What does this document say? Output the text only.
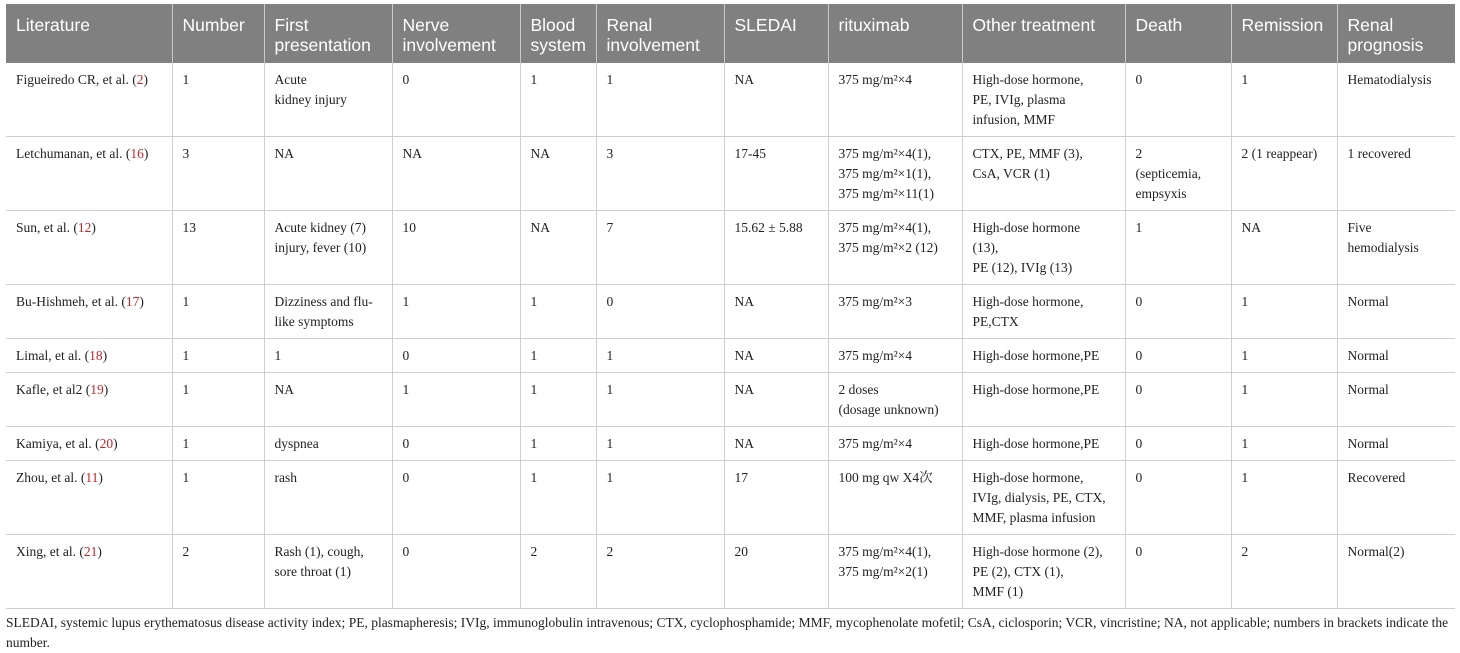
Literature	Number	First presentation	Nerve involvement	Blood system	Renal involvement	SLEDAI	rituximab	Other treatment	Death	Remission	Renal prognosis
Figueiredo CR, et al. (2)	1	Acute
kidney injury	0	1	1	NA	375 mg/m²×4	High-dose hormone,
PE, IVIg, plasma
infusion, MMF	0	1	Hematodialysis
Letchumanan, et al. (16)	3	NA	NA	NA	3	17-45	375 mg/m²×4(1),
375 mg/m²×1(1),
375 mg/m²×11(1)	CTX, PE, MMF (3),
CsA, VCR (1)	2
(septicemia,
empsyxis	2 (1 reappear)	1 recovered
Sun, et al. (12)	13	Acute kidney (7)
injury, fever (10)	10	NA	7	15.62 ± 5.88	375 mg/m²×4(1),
375 mg/m²×2 (12)	High-dose hormone
(13),
PE (12), IVIg (13)	1	NA	Five
hemodialysis
Bu-Hishmeh, et al. (17)	1	Dizziness and flu-
like symptoms	1	1	0	NA	375 mg/m²×3	High-dose hormone,
PE,CTX	0	1	Normal
Limal, et al. (18)	1	1	0	1	1	NA	375 mg/m²×4	High-dose hormone,PE	0	1	Normal
Kafle, et al2 (19)	1	NA	1	1	1	NA	2 doses
(dosage unknown)	High-dose hormone,PE	0	1	Normal
Kamiya, et al. (20)	1	dyspnea	0	1	1	NA	375 mg/m²×4	High-dose hormone,PE	0	1	Normal
Zhou, et al. (11)	1	rash	0	1	1	17	100 mg qw X4次	High-dose hormone,
IVIg, dialysis, PE, CTX,
MMF, plasma infusion	0	1	Recovered
Xing, et al. (21)	2	Rash (1), cough,
sore throat (1)	0	2	2	20	375 mg/m²×4(1),
375 mg/m²×2(1)	High-dose hormone (2),
PE (2), CTX (1),
MMF (1)	0	2	Normal(2)
SLEDAI, systemic lupus erythematosus disease activity index; PE, plasmapheresis; IVIg, immunoglobulin intravenous; CTX, cyclophosphamide; MMF, mycophenolate mofetil; CsA, ciclosporin; VCR, vincristine; NA, not applicable; numbers in brackets indicate the number.
